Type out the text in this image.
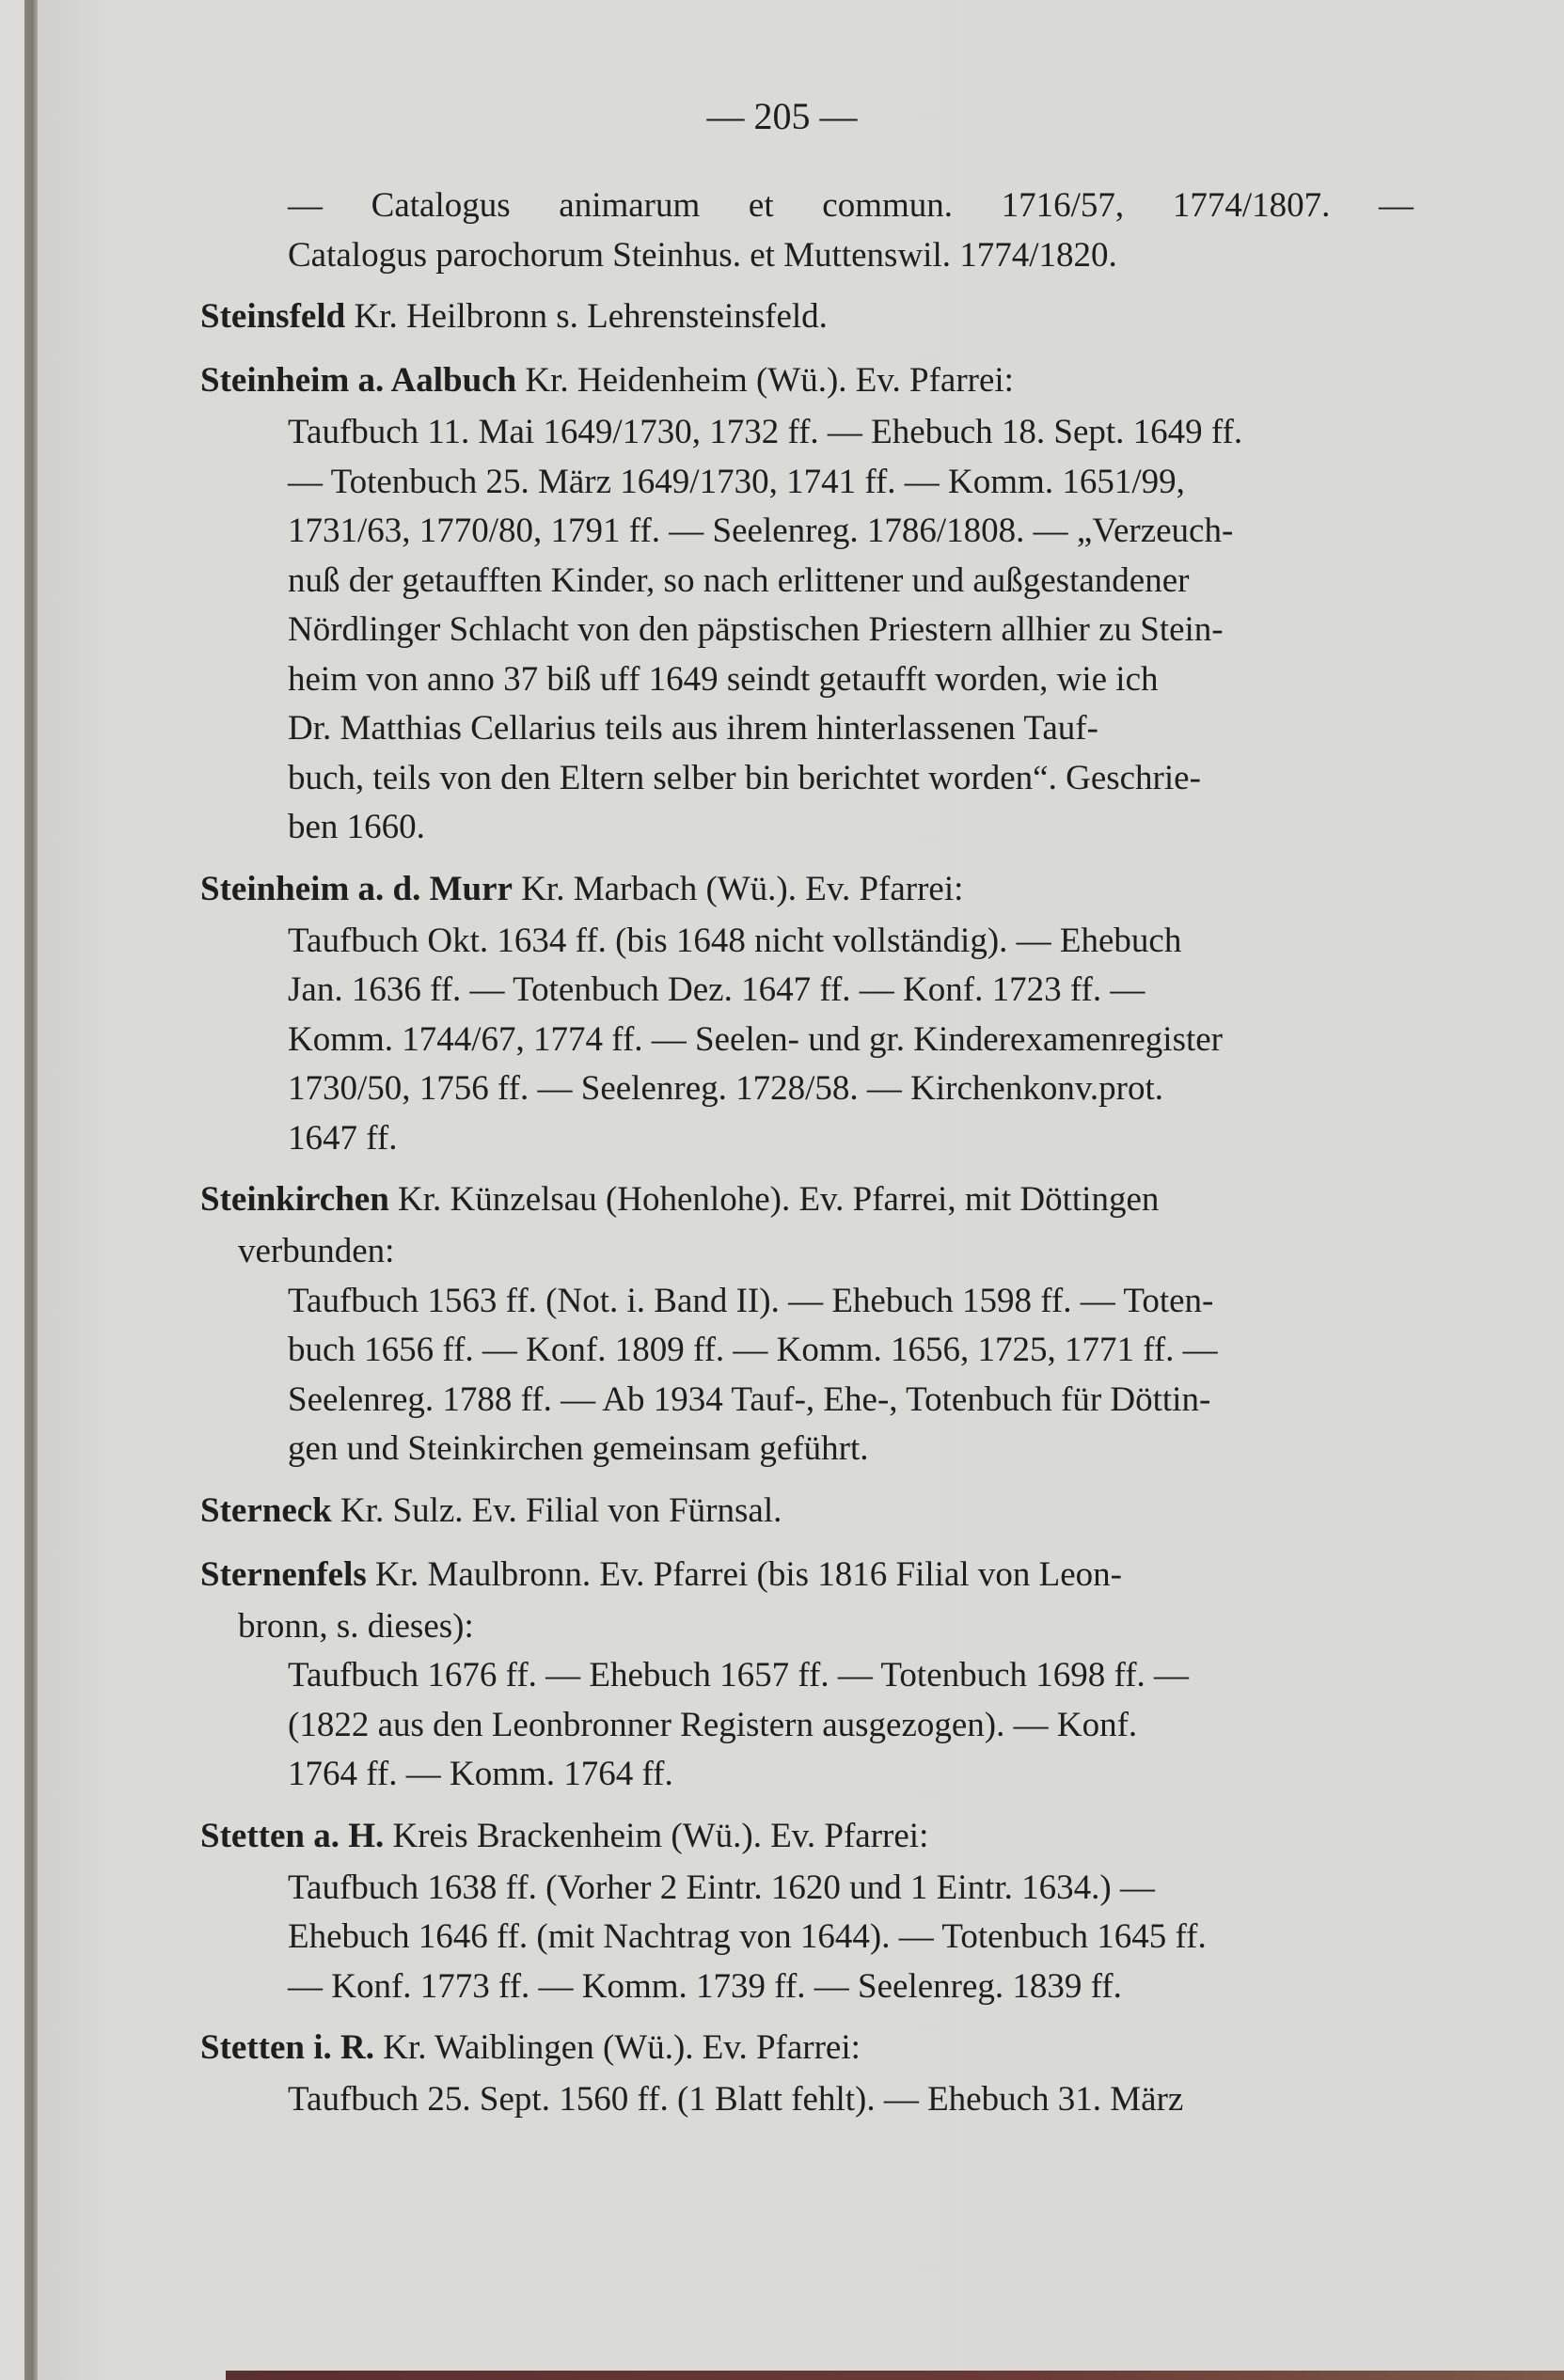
— 205 —
— Catalogus animarum et commun. 1716/57, 1774/1807. —
Catalogus parochorum Steinhus. et Muttenswil. 1774/1820.
Steinsfeld Kr. Heilbronn s. Lehrensteinsfeld.
Steinheim a. Aalbuch Kr. Heidenheim (Wü.). Ev. Pfarrei:
Taufbuch 11. Mai 1649/1730, 1732 ff. — Ehebuch 18. Sept. 1649 ff.
— Totenbuch 25. März 1649/1730, 1741 ff. — Komm. 1651/99,
1731/63, 1770/80, 1791 ff. — Seelenreg. 1786/1808. — „Verzeuch-
nuß der getaufften Kinder, so nach erlittener und außgestandener
Nördlinger Schlacht von den päpstischen Priestern allhier zu Stein-
heim von anno 37 biß uff 1649 seindt getaufft worden, wie ich
Dr. Matthias Cellarius teils aus ihrem hinterlassenen Tauf-
buch, teils von den Eltern selber bin berichtet worden“. Geschrie-
ben 1660.
Steinheim a. d. Murr Kr. Marbach (Wü.). Ev. Pfarrei:
Taufbuch Okt. 1634 ff. (bis 1648 nicht vollständig). — Ehebuch
Jan. 1636 ff. — Totenbuch Dez. 1647 ff. — Konf. 1723 ff. —
Komm. 1744/67, 1774 ff. — Seelen- und gr. Kinderexamenregister
1730/50, 1756 ff. — Seelenreg. 1728/58. — Kirchenkonv.prot.
1647 ff.
Steinkirchen Kr. Künzelsau (Hohenlohe). Ev. Pfarrei, mit Döttingen
verbunden:
Taufbuch 1563 ff. (Not. i. Band II). — Ehebuch 1598 ff. — Toten-
buch 1656 ff. — Konf. 1809 ff. — Komm. 1656, 1725, 1771 ff. —
Seelenreg. 1788 ff. — Ab 1934 Tauf-, Ehe-, Totenbuch für Döttin-
gen und Steinkirchen gemeinsam geführt.
Sterneck Kr. Sulz. Ev. Filial von Fürnsal.
Sternenfels Kr. Maulbronn. Ev. Pfarrei (bis 1816 Filial von Leon-
bronn, s. dieses):
Taufbuch 1676 ff. — Ehebuch 1657 ff. — Totenbuch 1698 ff. —
(1822 aus den Leonbronner Registern ausgezogen). — Konf.
1764 ff. — Komm. 1764 ff.
Stetten a. H. Kreis Brackenheim (Wü.). Ev. Pfarrei:
Taufbuch 1638 ff. (Vorher 2 Eintr. 1620 und 1 Eintr. 1634.) —
Ehebuch 1646 ff. (mit Nachtrag von 1644). — Totenbuch 1645 ff.
— Konf. 1773 ff. — Komm. 1739 ff. — Seelenreg. 1839 ff.
Stetten i. R. Kr. Waiblingen (Wü.). Ev. Pfarrei:
Taufbuch 25. Sept. 1560 ff. (1 Blatt fehlt). — Ehebuch 31. März
